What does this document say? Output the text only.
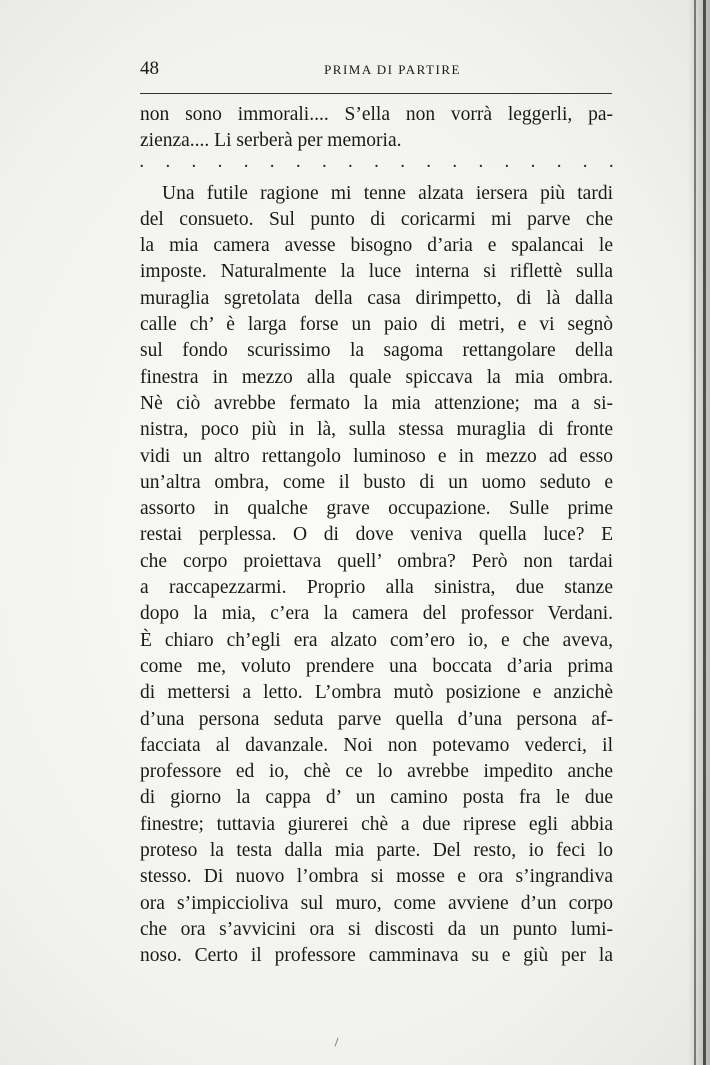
48	PRIMA DI PARTIRE
non sono immorali.... S’ella non vorrà leggerli, pa-
zienza.... Li serberà per memoria.
. . . . . . . . . . . . . . . . . . .
Una futile ragione mi tenne alzata iersera più tardi
del consueto. Sul punto di coricarmi mi parve che
la mia camera avesse bisogno d’aria e spalancai le
imposte. Naturalmente la luce interna si riflettè sulla
muraglia sgretolata della casa dirimpetto, di là dalla
calle ch’ è larga forse un paio di metri, e vi segnò
sul fondo scurissimo la sagoma rettangolare della
finestra in mezzo alla quale spiccava la mia ombra.
Nè ciò avrebbe fermato la mia attenzione; ma a si-
nistra, poco più in là, sulla stessa muraglia di fronte
vidi un altro rettangolo luminoso e in mezzo ad esso
un’altra ombra, come il busto di un uomo seduto e
assorto in qualche grave occupazione. Sulle prime
restai perplessa. O di dove veniva quella luce? E
che corpo proiettava quell’ ombra? Però non tardai
a raccapezzarmi. Proprio alla sinistra, due stanze
dopo la mia, c’era la camera del professor Verdani.
È chiaro ch’egli era alzato com’ero io, e che aveva,
come me, voluto prendere una boccata d’aria prima
di mettersi a letto. L’ombra mutò posizione e anzichè
d’una persona seduta parve quella d’una persona af-
facciata al davanzale. Noi non potevamo vederci, il
professore ed io, chè ce lo avrebbe impedito anche
di giorno la cappa d’ un camino posta fra le due
finestre; tuttavia giurerei chè a due riprese egli abbia
proteso la testa dalla mia parte. Del resto, io feci lo
stesso. Di nuovo l’ombra si mosse e ora s’ingrandiva
ora s’impiccioliva sul muro, come avviene d’un corpo
che ora s’avvicini ora si discosti da un punto lumi-
noso. Certo il professore camminava su e giù per la
